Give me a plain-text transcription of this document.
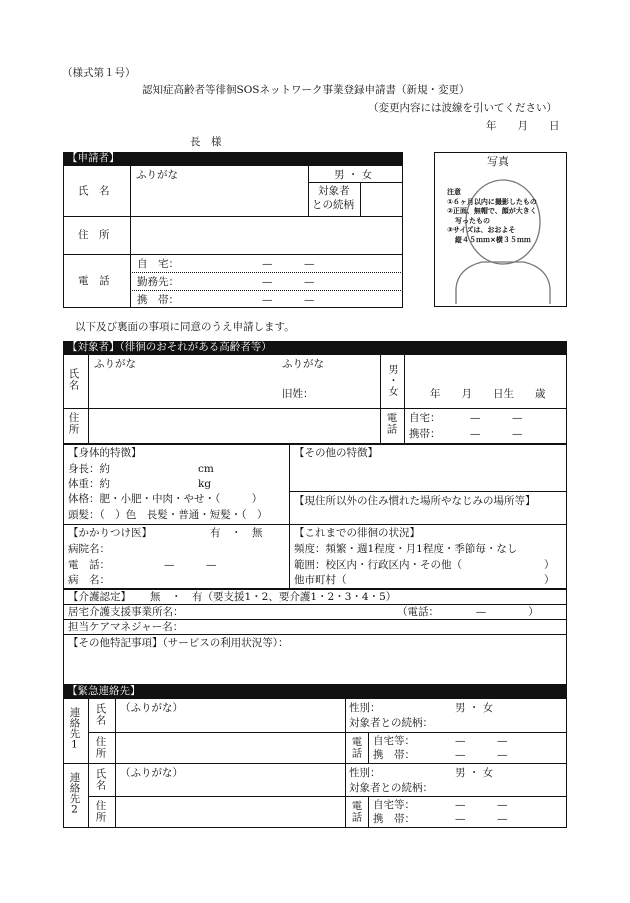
（様式第１号）
認知症高齢者等徘徊SOSネットワーク事業登録申請書（新規・変更）
（変更内容には波線を引いてください）
年　　月　　日
長　様
【申請者】
氏　名
ふりがな	男 ・ 女
対象者
との続柄
住　所
電　話
自　宅：	—　　　—
勤務先：	—　　　—
携　帯：	—　　　—
写真
注意
①６ヶ月以内に撮影したもの
②正面、無帽で、顔が大きく
写ったもの
③サイズは、おおよそ
縦４５ｍｍ×横３５ｍｍ
以下及び裏面の事項に同意のうえ申請します。
【対象者】（徘徊のおそれがある高齢者等）
氏名
ふりがな	ふりがな
旧姓：	男・女	年　　月　　日生　　歳
住所	電話 自宅：	—　　　—
携帯：	—　　　—
【身体的特徴】
身長：約	cm
体重：約	kg
体格：肥・小肥・中肉・やせ・（　　　）
頭髪：（　）色　長髪・普通・短髪・（　）
【その他の特徴】
【現住所以外の住み慣れた場所やなじみの場所等】
【かかりつけ医】	有　・　無
病院名：
電　話：	—　　　—
病　名：
【これまでの徘徊の状況】
頻度：頻繁・週1程度・月1程度・季節毎・なし
範囲：校区内・行政区内・その他（	）
他市町村（	）
【介護認定】 無　・　有（要支援1・2、要介護1・2・3・4・5）
居宅介護支援事業所名：	（電話：　　　　—　　　　）
担当ケアマネジャー名：
【その他特記事項】（サービスの利用状況等）：
【緊急連絡先】
連絡先1 氏名 （ふりがな）	性別：	男 ・ 女
対象者との続柄：
住所	電話 自宅等：	—　　　—
携　帯：	—　　　—
連絡先2 氏名 （ふりがな）	性別：	男 ・ 女
対象者との続柄：
住所	電話 自宅等：	—　　　—
携　帯：	—　　　—
